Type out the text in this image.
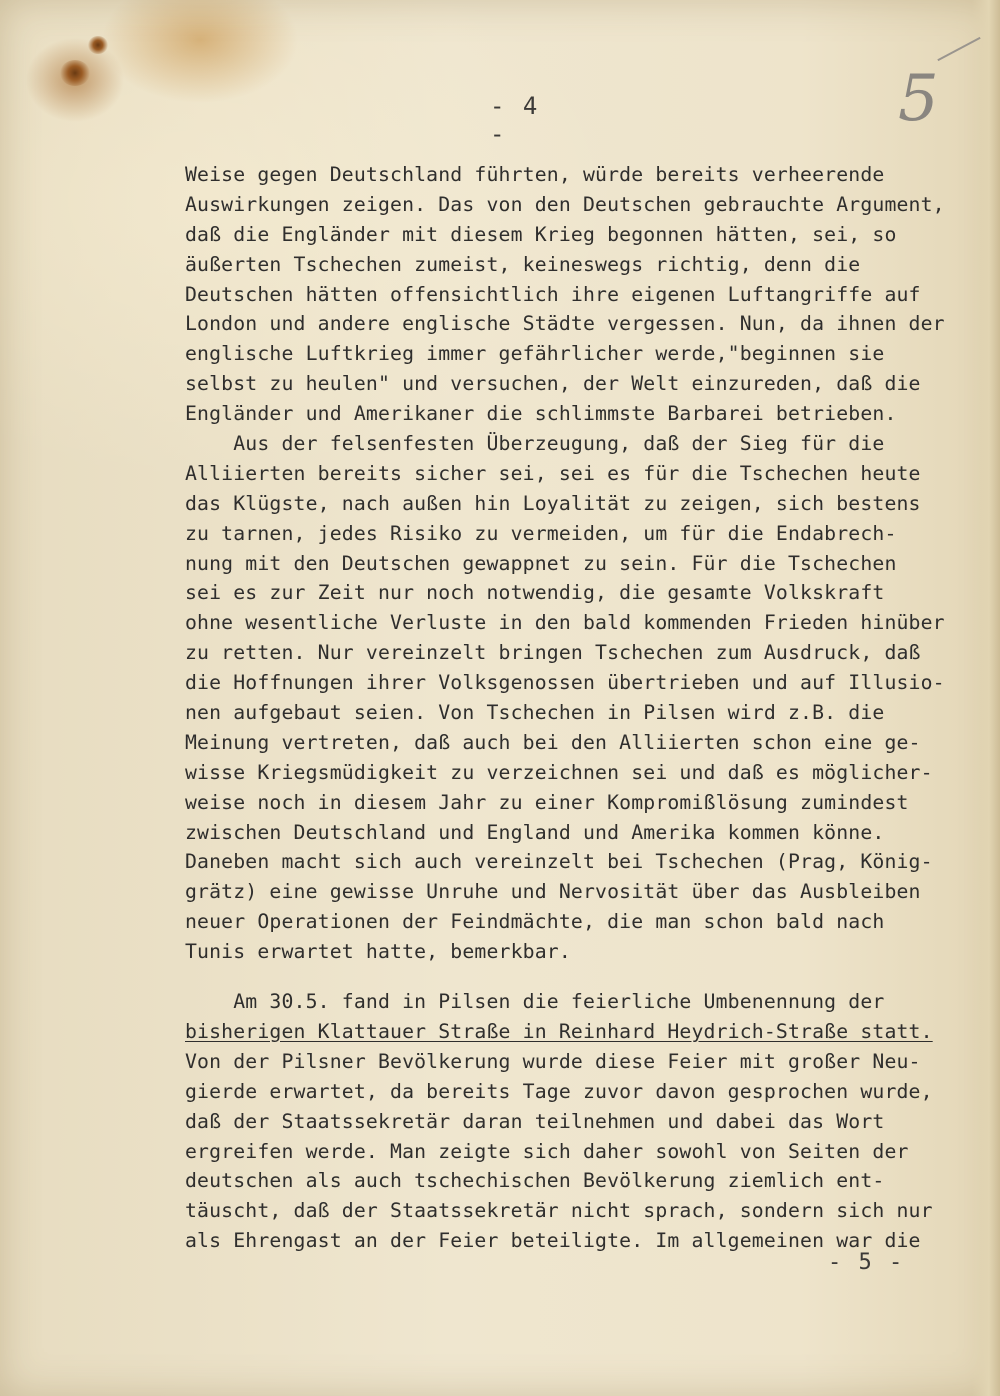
- 4 -	5
Weise gegen Deutschland führten, würde bereits verheerende
Auswirkungen zeigen. Das von den Deutschen gebrauchte Argument,
daß die Engländer mit diesem Krieg begonnen hätten, sei, so
äußerten Tschechen zumeist, keineswegs richtig, denn die
Deutschen hätten offensichtlich ihre eigenen Luftangriffe auf
London und andere englische Städte vergessen. Nun, da ihnen der
englische Luftkrieg immer gefährlicher werde,"beginnen sie
selbst zu heulen" und versuchen, der Welt einzureden, daß die
Engländer und Amerikaner die schlimmste Barbarei betrieben.
Aus der felsenfesten Überzeugung, daß der Sieg für die
Alliierten bereits sicher sei, sei es für die Tschechen heute
das Klügste, nach außen hin Loyalität zu zeigen, sich bestens
zu tarnen, jedes Risiko zu vermeiden, um für die Endabrech-
nung mit den Deutschen gewappnet zu sein. Für die Tschechen
sei es zur Zeit nur noch notwendig, die gesamte Volkskraft
ohne wesentliche Verluste in den bald kommenden Frieden hinüber
zu retten. Nur vereinzelt bringen Tschechen zum Ausdruck, daß
die Hoffnungen ihrer Volksgenossen übertrieben und auf Illusio-
nen aufgebaut seien. Von Tschechen in Pilsen wird z.B. die
Meinung vertreten, daß auch bei den Alliierten schon eine ge-
wisse Kriegsmüdigkeit zu verzeichnen sei und daß es möglicher-
weise noch in diesem Jahr zu einer Kompromißlösung zumindest
zwischen Deutschland und England und Amerika kommen könne.
Daneben macht sich auch vereinzelt bei Tschechen (Prag, König-
grätz) eine gewisse Unruhe und Nervosität über das Ausbleiben
neuer Operationen der Feindmächte, die man schon bald nach
Tunis erwartet hatte, bemerkbar.
Am 30.5. fand in Pilsen die feierliche Umbenennung der
bisherigen Klattauer Straße in Reinhard Heydrich-Straße statt.
Von der Pilsner Bevölkerung wurde diese Feier mit großer Neu-
gierde erwartet, da bereits Tage zuvor davon gesprochen wurde,
daß der Staatssekretär daran teilnehmen und dabei das Wort
ergreifen werde. Man zeigte sich daher sowohl von Seiten der
deutschen als auch tschechischen Bevölkerung ziemlich ent-
täuscht, daß der Staatssekretär nicht sprach, sondern sich nur
als Ehrengast an der Feier beteiligte. Im allgemeinen war die
- 5 -
